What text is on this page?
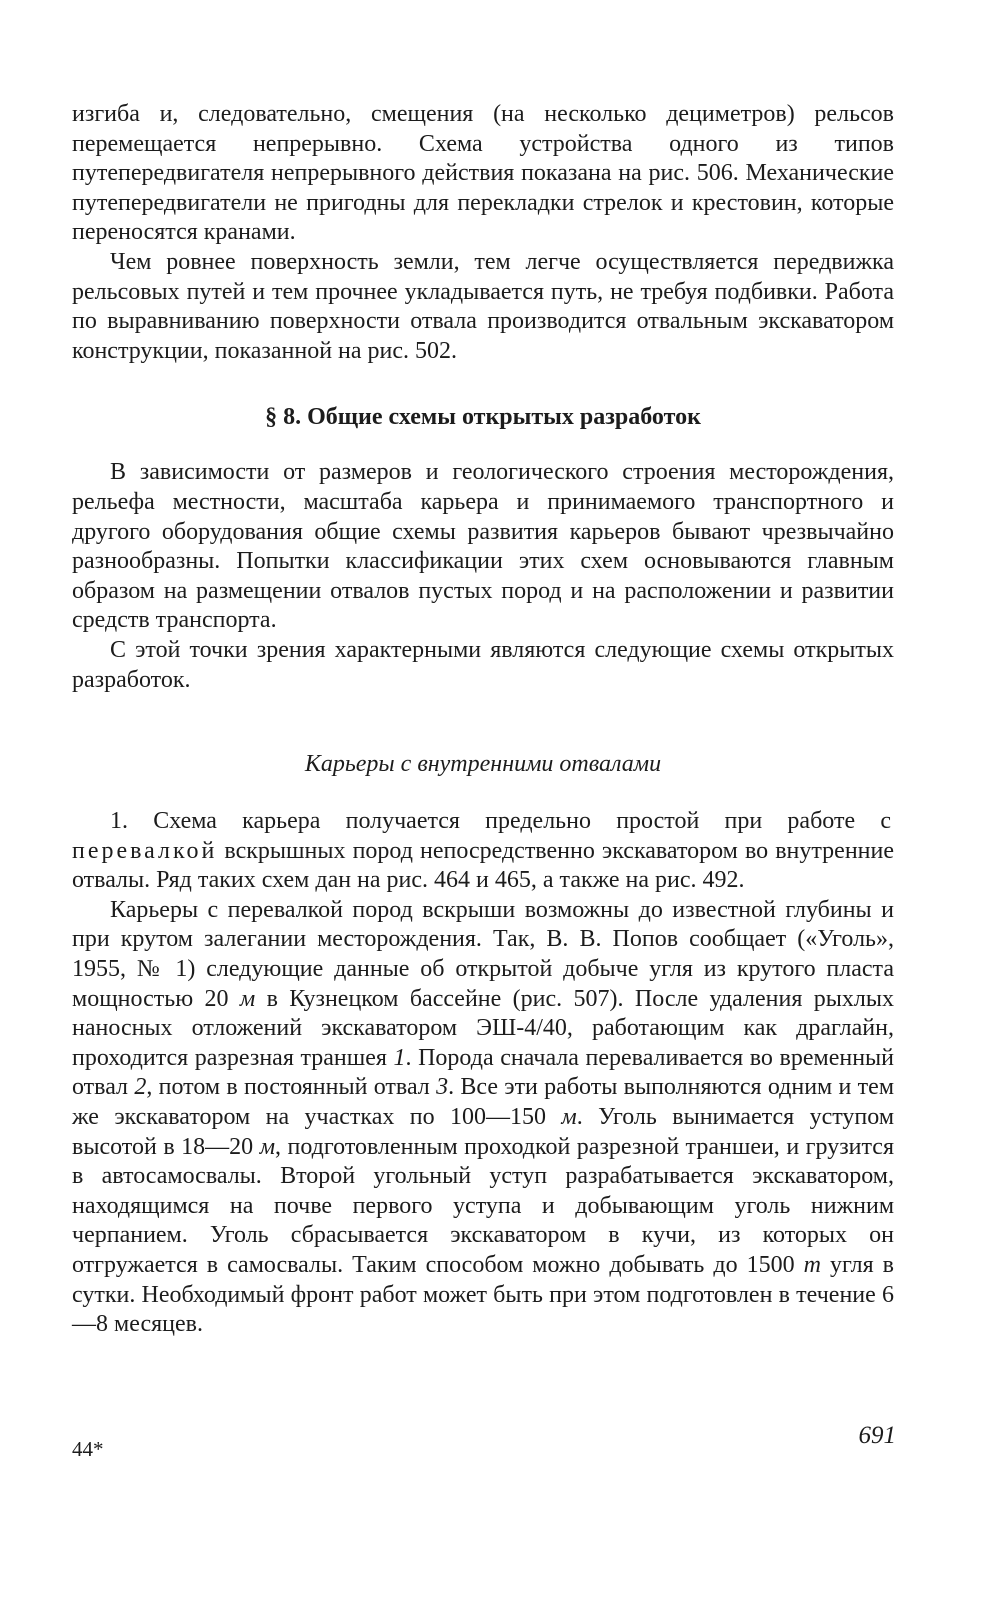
изгиба и, следовательно, смещения (на несколько дециметров) рельсов перемещается непрерывно. Схема устройства одного из типов путепередвигателя непрерывного действия показана на рис. 506. Механические путепередвигатели не пригодны для перекладки стрелок и крестовин, которые переносятся кранами.

Чем ровнее поверхность земли, тем легче осуществляется передвижка рельсовых путей и тем прочнее укладывается путь, не требуя подбивки. Работа по выравниванию поверхности отвала производится отвальным экскаватором конструкции, показанной на рис. 502.

§ 8. Общие схемы открытых разработок

В зависимости от размеров и геологического строения месторождения, рельефа местности, масштаба карьера и принимаемого транспортного и другого оборудования общие схемы развития карьеров бывают чрезвычайно разнообразны. Попытки классификации этих схем основываются главным образом на размещении отвалов пустых пород и на расположении и развитии средств транспорта.

С этой точки зрения характерными являются следующие схемы открытых разработок.

Карьеры с внутренними отвалами

1. Схема карьера получается предельно простой при работе с перевалкой вскрышных пород непосредственно экскаватором во внутренние отвалы. Ряд таких схем дан на рис. 464 и 465, а также на рис. 492.

Карьеры с перевалкой пород вскрыши возможны до известной глубины и при крутом залегании месторождения. Так, В. В. Попов сообщает («Уголь», 1955, № 1) следующие данные об открытой добыче угля из крутого пласта мощностью 20 м в Кузнецком бассейне (рис. 507). После удаления рыхлых наносных отложений экскаватором ЭШ-4/40, работающим как драглайн, проходится разрезная траншея 1. Порода сначала переваливается во временный отвал 2, потом в постоянный отвал 3. Все эти работы выполняются одним и тем же экскаватором на участках по 100—150 м. Уголь вынимается уступом высотой в 18—20 м, подготовленным проходкой разрезной траншеи, и грузится в автосамосвалы. Второй угольный уступ разрабатывается экскаватором, находящимся на почве первого уступа и добывающим уголь нижним черпанием. Уголь сбрасывается экскаватором в кучи, из которых он отгружается в самосвалы. Таким способом можно добывать до 1500 т угля в сутки. Необходимый фронт работ может быть при этом подготовлен в течение 6—8 месяцев.

44*	691
